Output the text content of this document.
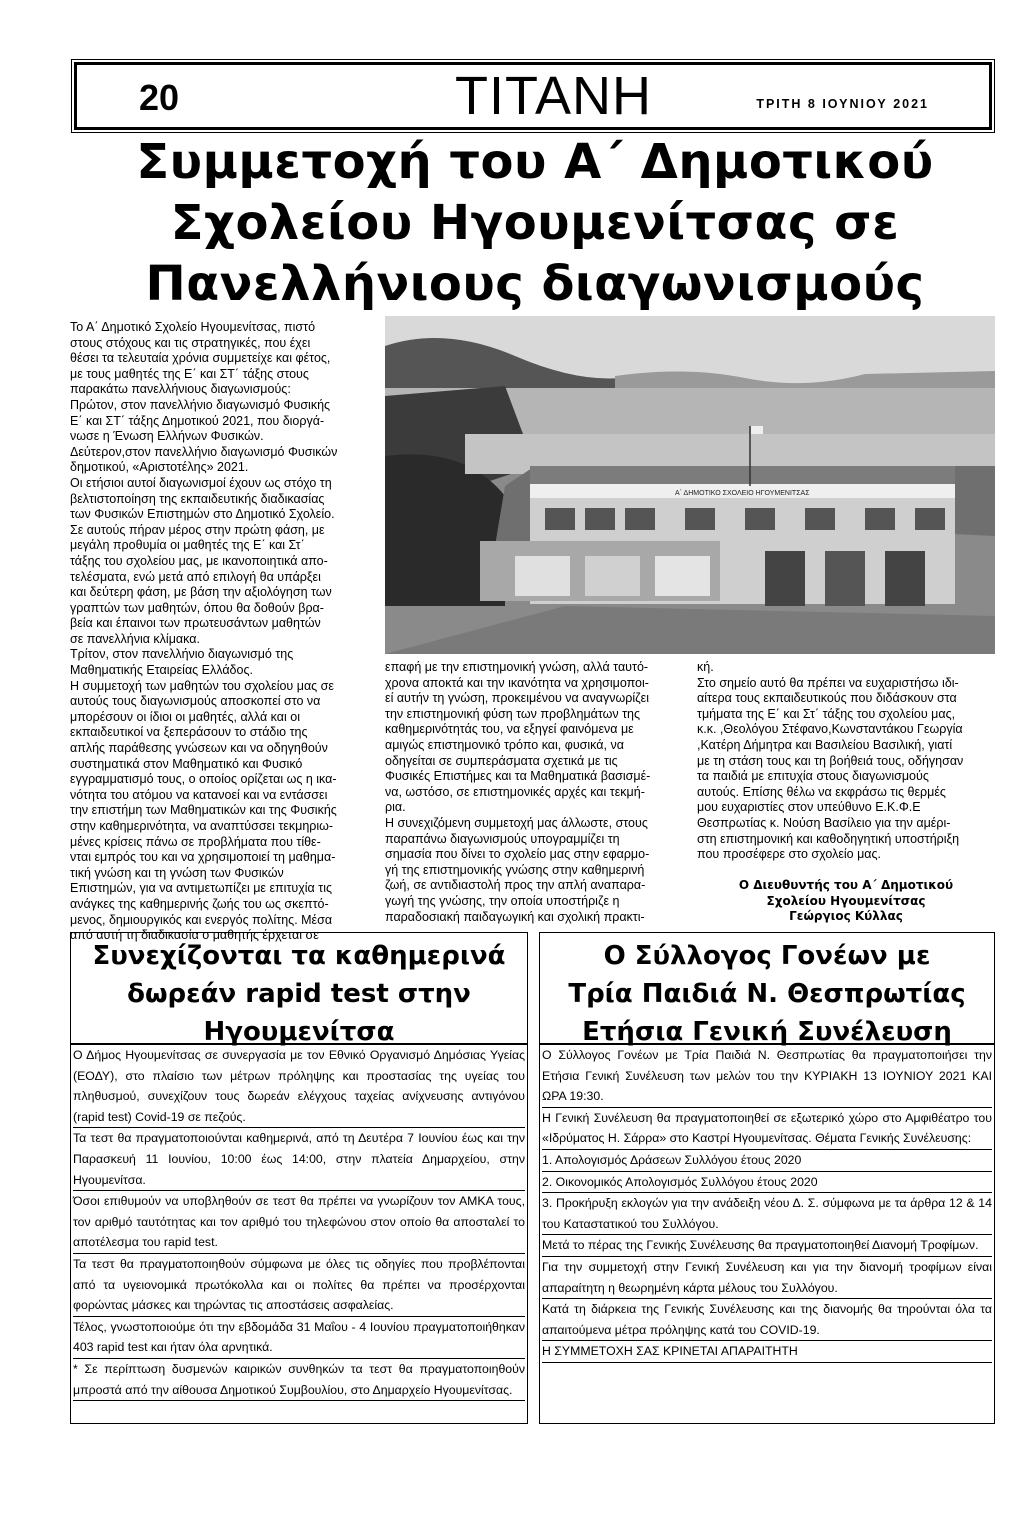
20	ΤΙΤΑΝΗ	ΤΡΙΤΗ 8 ΙΟΥΝΙΟΥ 2021
Συμμετοχή του Α΄ Δημοτικού
Σχολείου Ηγουμενίτσας σε
Πανελλήνιους διαγωνισμούς

Το Α΄ Δημοτικό Σχολείο Ηγουμενίτσας, πιστό

στους στόχους και τις στρατηγικές, που έχει

θέσει τα τελευταία χρόνια συμμετείχε και φέτος,

με τους μαθητές της Ε΄ και ΣΤ΄ τάξης στους

παρακάτω πανελλήνιους διαγωνισμούς:

Πρώτον, στον πανελλήνιο διαγωνισμό Φυσικής

Ε΄ και ΣΤ΄ τάξης Δημοτικού 2021, που διοργά-

νωσε η Ένωση Ελλήνων Φυσικών.

Δεύτερον,στον πανελλήνιο διαγωνισμό Φυσικών

δημοτικού, «Αριστοτέλης» 2021.

Οι ετήσιοι αυτοί διαγωνισμοί έχουν ως στόχο τη

βελτιστοποίηση της εκπαιδευτικής διαδικασίας

των Φυσικών Επιστημών στο Δημοτικό Σχολείο.

Σε αυτούς πήραν μέρος στην πρώτη φάση, με

μεγάλη προθυμία οι μαθητές της Ε΄ και Στ΄

τάξης του σχολείου μας, με ικανοποιητικά απο-

τελέσματα, ενώ μετά από επιλογή θα υπάρξει

και δεύτερη φάση, με βάση την αξιολόγηση των

γραπτών των μαθητών, όπου θα δοθούν βρα-

βεία και έπαινοι των πρωτευσάντων μαθητών

σε πανελλήνια κλίμακα.

Τρίτον, στον πανελλήνιο διαγωνισμό της

Μαθηματικής Εταιρείας Ελλάδος.

Η συμμετοχή των μαθητών του σχολείου μας σε

αυτούς τους διαγωνισμούς αποσκοπεί στο να

μπορέσουν οι ίδιοι οι μαθητές, αλλά και οι

εκπαιδευτικοί να ξεπεράσουν το στάδιο της

απλής παράθεσης γνώσεων και να οδηγηθούν

συστηματικά στον Μαθηματικό και Φυσικό

εγγραμματισμό τους, ο οποίος ορίζεται ως η ικα-

νότητα του ατόμου να κατανοεί και να εντάσσει

την επιστήμη των Μαθηματικών και της Φυσικής

στην καθημερινότητα, να αναπτύσσει τεκμηριω-

μένες κρίσεις πάνω σε προβλήματα που τίθε-

νται εμπρός του και να χρησιμοποιεί τη μαθημα-

τική γνώση και τη γνώση των Φυσικών

Επιστημών, για να αντιμετωπίζει με επιτυχία τις

ανάγκες της καθημερινής ζωής του ως σκεπτό-

μενος, δημιουργικός και ενεργός πολίτης. Μέσα

από αυτή τη διαδικασία ο μαθητής έρχεται σε

Α΄ ΔΗΜΟΤΙΚΟ ΣΧΟΛΕΙΟ ΗΓΟΥΜΕΝΙΤΣΑΣ

επαφή με την επιστημονική γνώση, αλλά ταυτό-

χρονα αποκτά και την ικανότητα να χρησιμοποι-

εί αυτήν τη γνώση, προκειμένου να αναγνωρίζει

την επιστημονική φύση των προβλημάτων της

καθημερινότητάς του, να εξηγεί φαινόμενα με

αμιγώς επιστημονικό τρόπο και, φυσικά, να

οδηγείται σε συμπεράσματα σχετικά με τις

Φυσικές Επιστήμες και τα Μαθηματικά βασισμέ-

να, ωστόσο, σε επιστημονικές αρχές και τεκμή-

ρια.

Η συνεχιζόμενη συμμετοχή μας άλλωστε, στους

παραπάνω διαγωνισμούς υπογραμμίζει τη

σημασία που δίνει το σχολείο μας στην εφαρμο-

γή της επιστημονικής γνώσης στην καθημερινή

ζωή, σε αντιδιαστολή προς την απλή αναπαρα-

γωγή της γνώσης, την οποία υποστήριζε η

παραδοσιακή παιδαγωγική και σχολική πρακτι-

κή.

Στο σημείο αυτό θα πρέπει να ευχαριστήσω ιδι-

αίτερα τους εκπαιδευτικούς που διδάσκουν στα

τμήματα της Ε΄ και Στ΄ τάξης του σχολείου μας,

κ.κ. ,Θεολόγου Στέφανο,Κωνσταντάκου Γεωργία

,Κατέρη Δήμητρα και Βασιλείου Βασιλική, γιατί

με τη στάση τους και τη βοήθειά τους, οδήγησαν

τα παιδιά με επιτυχία στους διαγωνισμούς

αυτούς. Επίσης θέλω να εκφράσω τις θερμές

μου ευχαριστίες στον υπεύθυνο Ε.Κ.Φ.Ε

Θεσπρωτίας κ. Νούση Βασίλειο για την αμέρι-

στη επιστημονική και καθοδηγητική υποστήριξη

που προσέφερε στο σχολείο μας.

Ο Διευθυντής του Α΄ Δημοτικού
Σχολείου Ηγουμενίτσας
Γεώργιος Κύλλας
Συνεχίζονται τα καθημερινά
δωρεάν rapid test στην
Ηγουμενίτσα

Ο Δήμος Ηγουμενίτσας σε συνεργασία με τον Εθνικό Οργανισμό Δημόσιας Υγείας (ΕΟΔΥ), στο πλαίσιο των μέτρων πρόληψης και προστασίας της υγείας του πληθυσμού, συνεχίζουν τους δωρεάν ελέγχους ταχείας ανίχνευσης αντιγόνου (rapid test) Covid-19 σε πεζούς.

Τα τεστ θα πραγματοποιούνται καθημερινά, από τη Δευτέρα 7 Ιουνίου έως και την Παρασκευή 11 Ιουνίου, 10:00 έως 14:00, στην πλατεία Δημαρχείου, στην Ηγουμενίτσα.

Όσοι επιθυμούν να υποβληθούν σε τεστ θα πρέπει να γνωρίζουν τον ΑΜΚΑ τους, τον αριθμό ταυτότητας και τον αριθμό του τηλεφώνου στον οποίο θα αποσταλεί το αποτέλεσμα του rapid test.

Τα τεστ θα πραγματοποιηθούν σύμφωνα με όλες τις οδηγίες που προβλέπονται από τα υγειονομικά πρωτόκολλα και οι πολίτες θα πρέπει να προσέρχονται φορώντας μάσκες και τηρώντας τις αποστάσεις ασφαλείας.

Τέλος, γνωστοποιούμε ότι την εβδομάδα 31 Μαΐου - 4 Ιουνίου πραγματοποιήθηκαν 403 rapid test και ήταν όλα αρνητικά.

* Σε περίπτωση δυσμενών καιρικών συνθηκών τα τεστ θα πραγματοποιηθούν μπροστά από την αίθουσα Δημοτικού Συμβουλίου, στο Δημαρχείο Ηγουμενίτσας.

Ο Σύλλογος Γονέων με
Τρία Παιδιά Ν. Θεσπρωτίας
Ετήσια Γενική Συνέλευση

Ο Σύλλογος Γονέων με Τρία Παιδιά Ν. Θεσπρωτίας θα πραγματοποιήσει την Ετήσια Γενική Συνέλευση των μελών του την ΚΥΡΙΑΚΗ 13 ΙΟΥΝΙΟΥ 2021 ΚΑΙ ΩΡΑ 19:30.

Η Γενική Συνέλευση θα πραγματοποιηθεί σε εξωτερικό χώρο στο Αμφιθέατρο του «Ιδρύματος Η. Σάρρα» στο Καστρί Ηγουμενίτσας. Θέματα Γενικής Συνέλευσης:

1. Απολογισμός Δράσεων Συλλόγου έτους 2020

2. Οικονομικός Απολογισμός Συλλόγου έτους 2020

3. Προκήρυξη εκλογών για την ανάδειξη νέου Δ. Σ. σύμφωνα με τα άρθρα 12 & 14 του Καταστατικού του Συλλόγου.

Μετά το πέρας της Γενικής Συνέλευσης θα πραγματοποιηθεί Διανομή Τροφίμων.

Για την συμμετοχή στην Γενική Συνέλευση και για την διανομή τροφίμων είναι απαραίτητη η θεωρημένη κάρτα μέλους του Συλλόγου.

Κατά τη διάρκεια της Γενικής Συνέλευσης και της διανομής θα τηρούνται όλα τα απαιτούμενα μέτρα πρόληψης κατά του COVID-19.

Η ΣΥΜΜΕΤΟΧΗ ΣΑΣ ΚΡΙΝΕΤΑΙ ΑΠΑΡΑΙΤΗΤΗ
